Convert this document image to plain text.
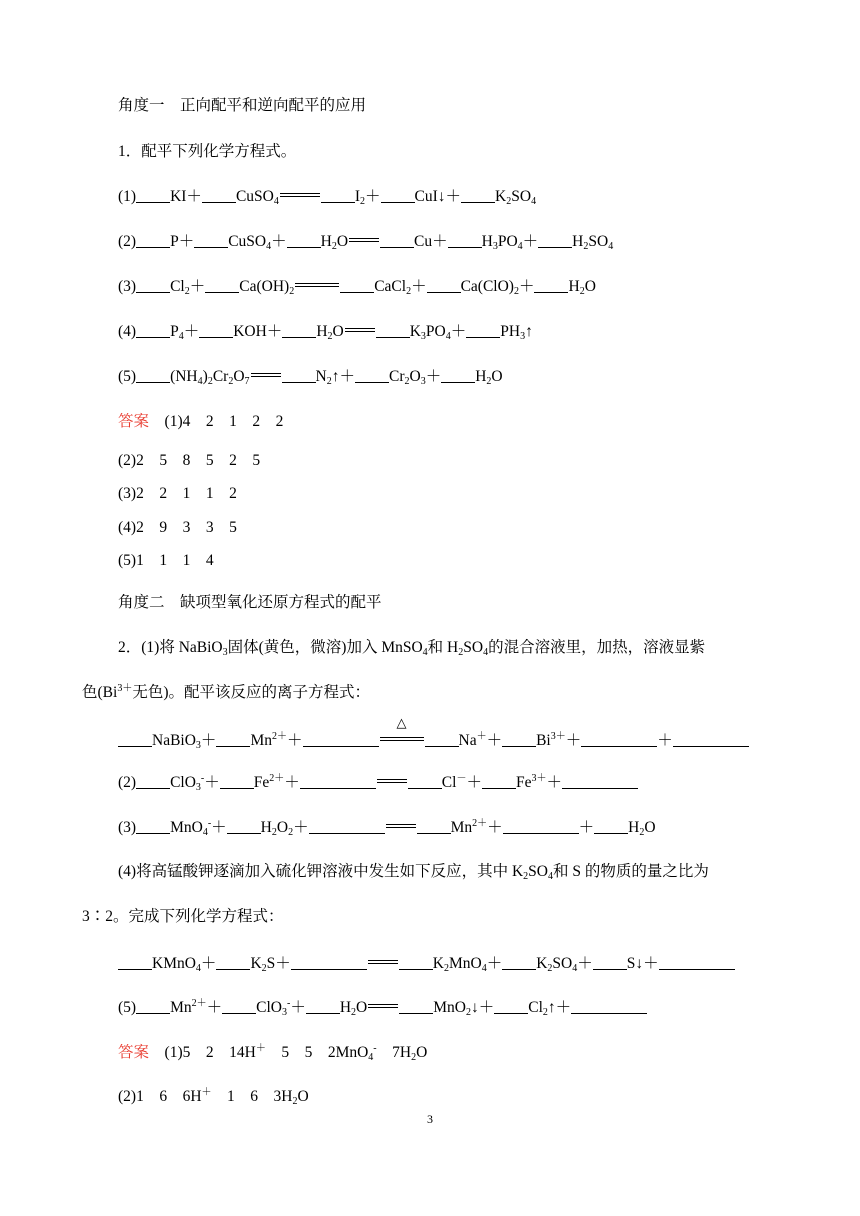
角度一　正向配平和逆向配平的应用
1．配平下列化学方程式。
(1) KI＋ CuSO$_4$	$I_2+$ CuI↓＋ $K_2SO_4$
(2) P＋ CuSO$_4$＋ $H_2O$	$Cu+ H_3PO_4+ H_2SO_4$
(3) $Cl_2+ Ca(OH)_2$	CaCl$_2$＋ $Ca(ClO)_2+ H_2O$
(4) $P_4+ KOH+ H_2O$	$K_3PO_4+$ $PH_3↑$
(5) $(NH_4)_2Cr_2O_7$	$N_2↑+ Cr_2O_3+ H_2O$
答案　 (1)4　2　1　2　2
(2)2　5　8　5　2　5
(3)2　2　1　1　2
(4)2　9　3　3　5
(5)1　1　1　4
角度二　缺项型氧化还原方程式的配平
2．(1)将 NaBiO$_3$固体(黄色，微溶)加入 MnSO$_4$和 $H_2SO_4$的混合溶液里，加热，溶液显紫
色($Bi^{3+}$无色)。配平该反应的离子方程式：
NaBiO$_3$＋ $Mn^{2+}+$
△
$Na^++ Bi^{3+}+$	＋
(2) $ClO_3^-+ Fe^{2+}+$	$Cl^-+ Fe^{3+}+$
(3) $MnO_4^-+ H_2O_2+$	$Mn^{2+}+$	＋ $H_2O$
(4)将高锰酸钾逐滴加入硫化钾溶液中发生如下反应，其中 $K_2SO_4$和 S 的物质的量之比为
3∶2。完成下列化学方程式：
KMnO$_4$＋ $K_2S+$	$K_2MnO_4+ K_2SO_4+$ S↓＋
(5) $Mn^{2+}+ ClO_3^-+ H_2O$	MnO$_2$↓＋ $Cl_2↑+$
答案　 (1)5　2　14H＋　5　5　2MnO$_4$-　$7H_2O$
(2)1　6　6H＋　1　6　$3H_2O$
3
